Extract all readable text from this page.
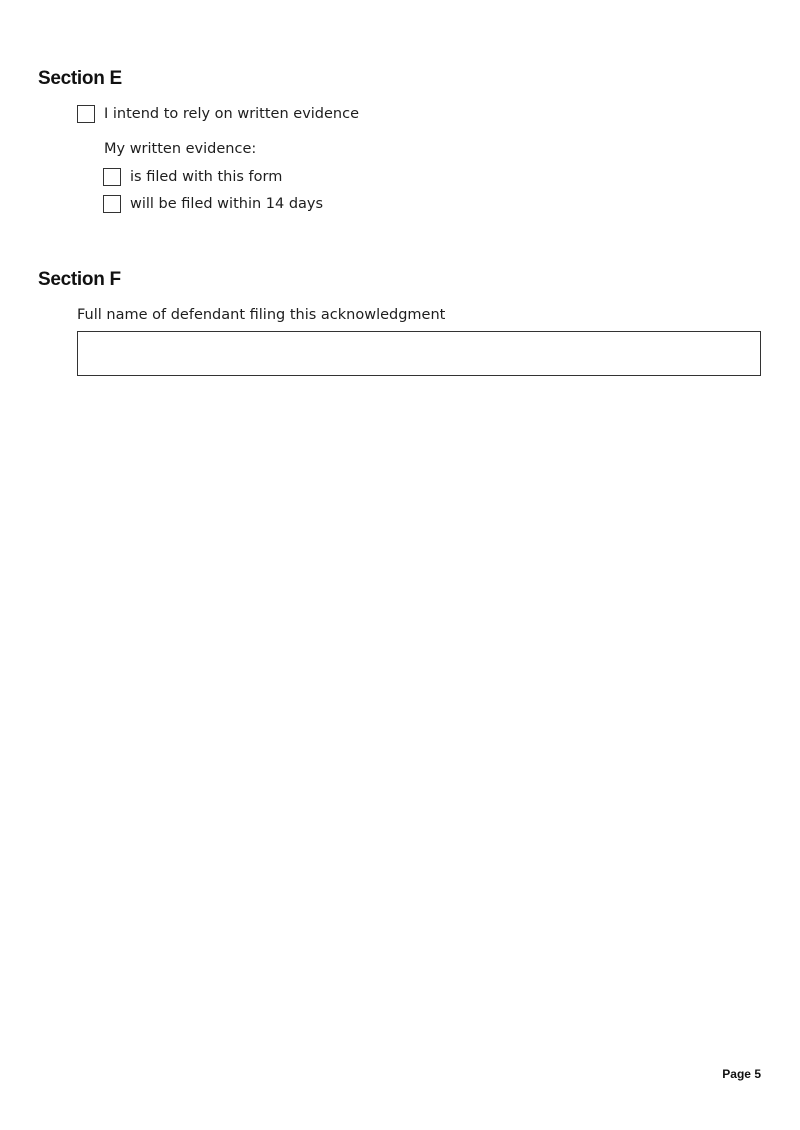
Section E
I intend to rely on written evidence
My written evidence:
is filed with this form
will be filed within 14 days
Section F
Full name of defendant filing this acknowledgment
Page 5
